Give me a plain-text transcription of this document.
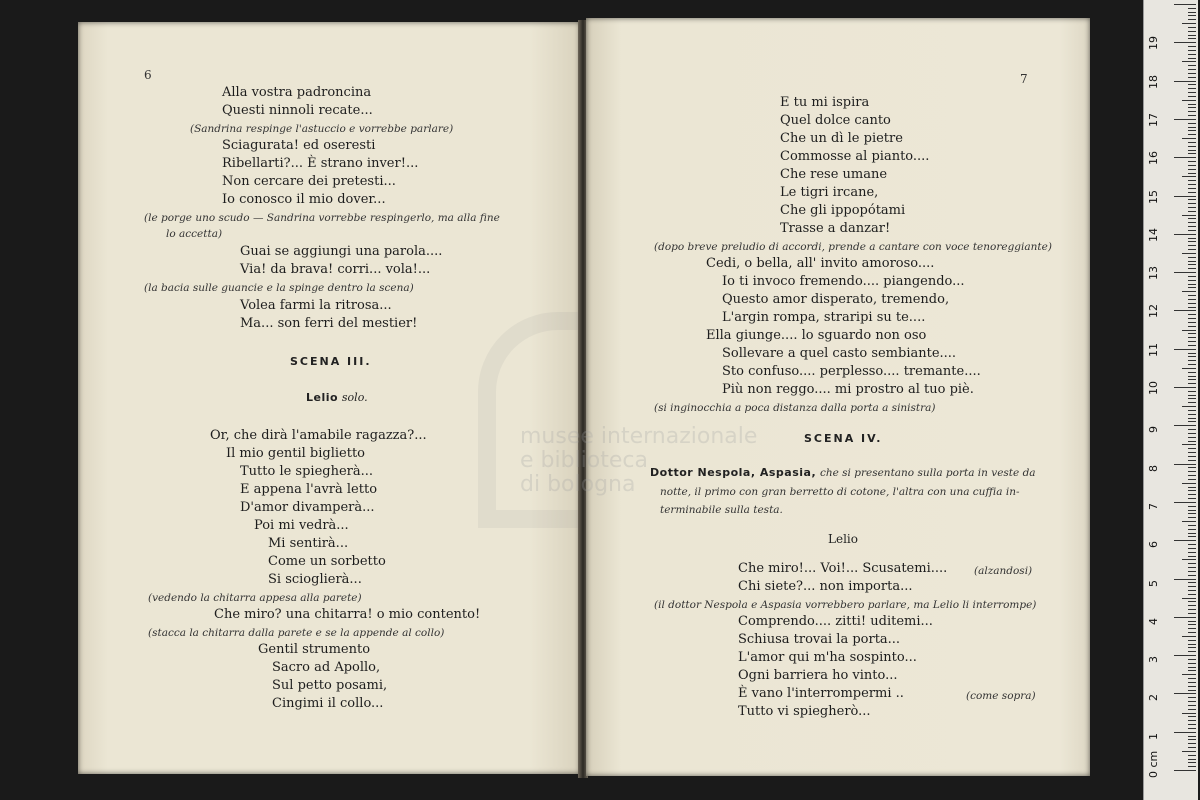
6
Alla vostra padroncina
Questi ninnoli recate...
(Sandrina respinge l'astuccio e vorrebbe parlare)
Sciagurata! ed oseresti
Ribellarti?... È strano inver!...
Non cercare dei pretesti...
Io conosco il mio dover...
(le porge uno scudo — Sandrina vorrebbe respingerlo, ma alla fine
lo accetta)
Guai se aggiungi una parola....
Via! da brava! corri... vola!...
(la bacia sulle guancie e la spinge dentro la scena)
Volea farmi la ritrosa...
Ma... son ferri del mestier!
SCENA III.
Lelio solo.
Or, che dirà l'amabile ragazza?...
Il mio gentil biglietto
Tutto le spiegherà...
E appena l'avrà letto
D'amor divamperà...
Poi mi vedrà...
Mi sentirà...
Come un sorbetto
Si scioglierà...
(vedendo la chitarra appesa alla parete)
Che miro? una chitarra! o mio contento!
(stacca la chitarra dalla parete e se la appende al collo)
Gentil strumento
Sacro ad Apollo,
Sul petto posami,
Cingimi il collo...
7
E tu mi ispira
Quel dolce canto
Che un dì le pietre
Commosse al pianto....
Che rese umane
Le tigri ircane,
Che gli ippopótami
Trasse a danzar!
(dopo breve preludio di accordi, prende a cantare con voce tenoreggiante)
Cedi, o bella, all' invito amoroso....
Io ti invoco fremendo.... piangendo...
Questo amor disperato, tremendo,
L'argin rompa, straripi su te....
Ella giunge.... lo sguardo non oso
Sollevare a quel casto sembiante....
Sto confuso.... perplesso.... tremante....
Più non reggo.... mi prostro al tuo piè.
(si inginocchia a poca distanza dalla porta a sinistra)
SCENA IV.
Dottor Nespola, Aspasia, che si presentano sulla porta in veste da
notte, il primo con gran berretto di cotone, l'altra con una cuffia in-
terminabile sulla testa.
Lelio
Che miro!... Voi!... Scusatemi....	(alzandosi)
Chi siete?... non importa...
(il dottor Nespola e Aspasia vorrebbero parlare, ma Lelio li interrompe)
Comprendo.... zitti! uditemi...
Schiusa trovai la porta...
L'amor qui m'ha sospinto...
Ogni barriera ho vinto...
È vano l'interrompermi ..	(come sopra)
Tutto vi spiegherò...
musee internazionale
e biblioteca
di bologna
0 cm
1
2
3
4
5
6
7
8
9
10
11
12
13
14
15
16
17
18
19
